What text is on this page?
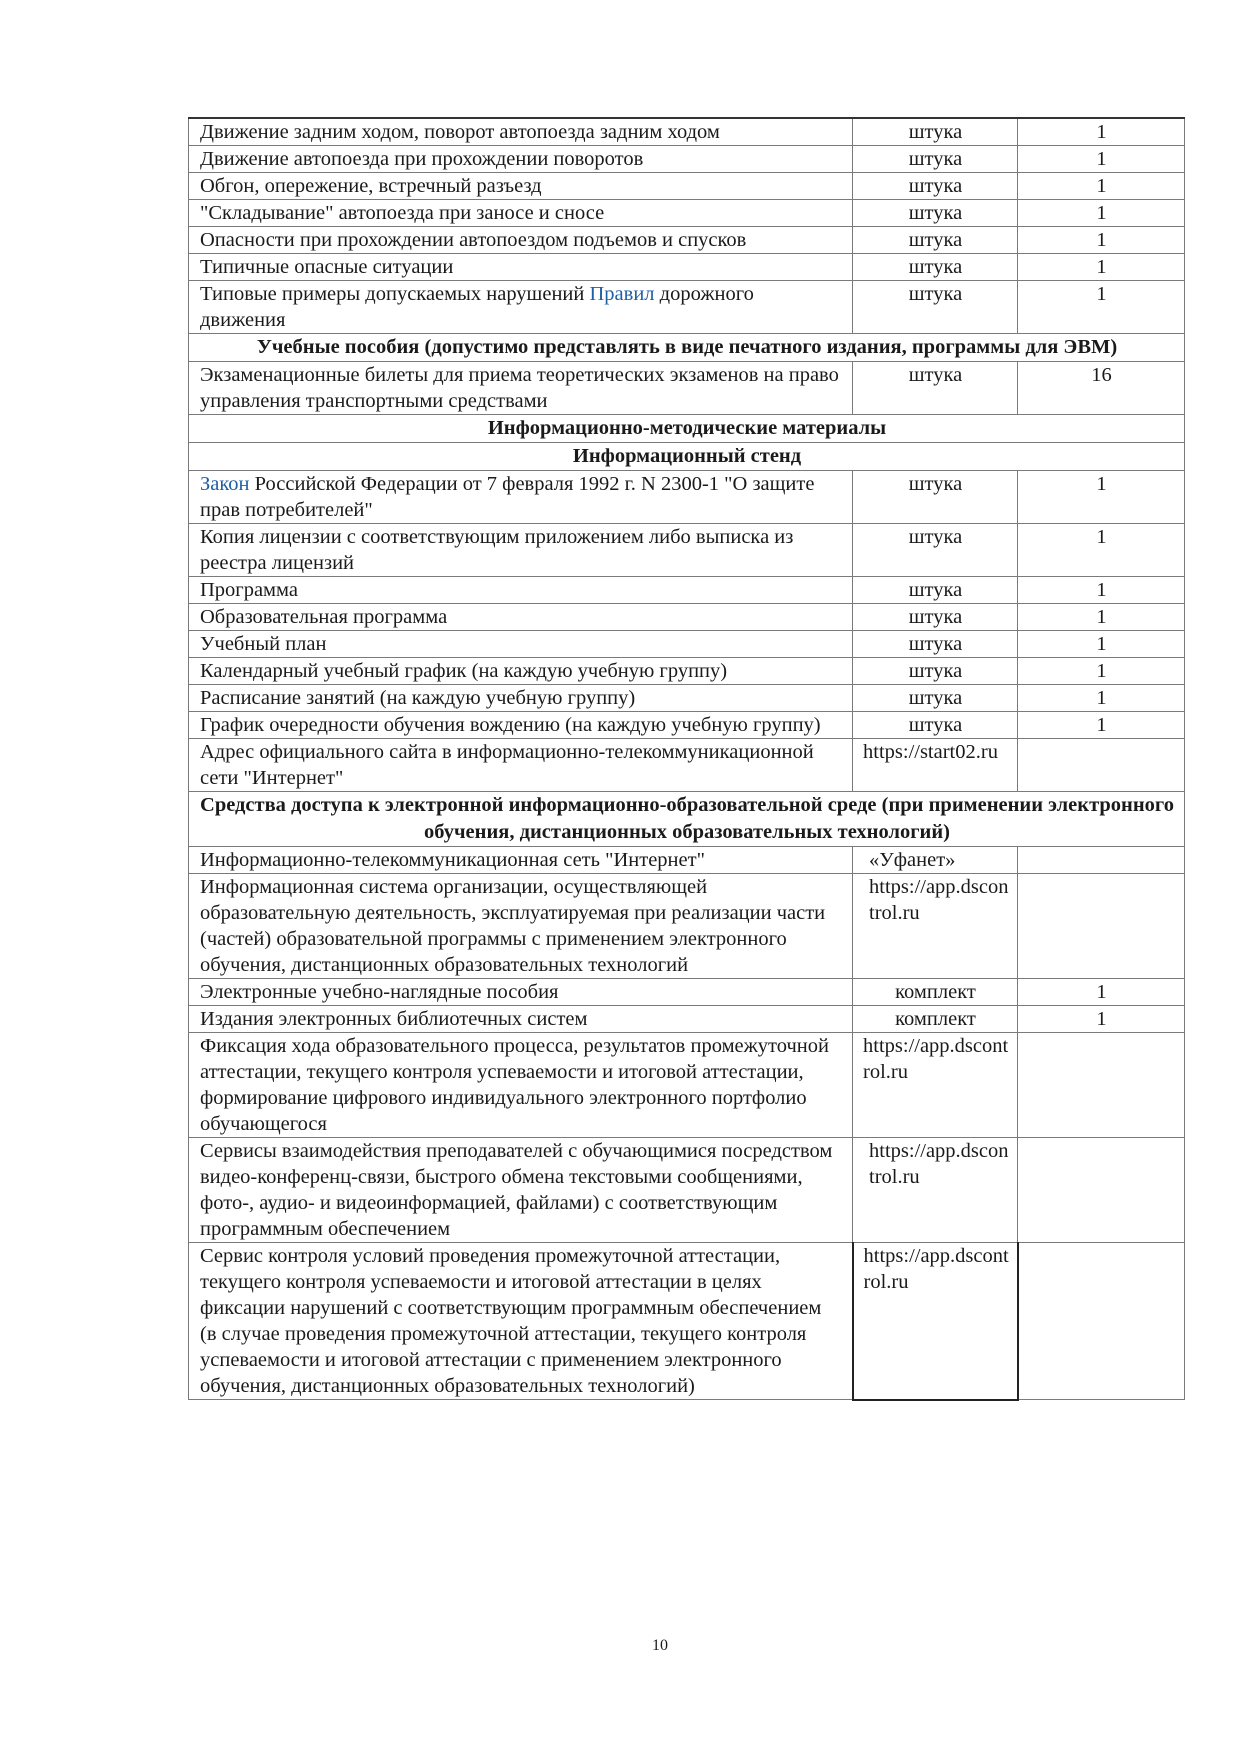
Движение задним ходом, поворот автопоезда задним ходом	штука	1
Движение автопоезда при прохождении поворотов	штука	1
Обгон, опережение, встречный разъезд	штука	1
"Складывание" автопоезда при заносе и сносе	штука	1
Опасности при прохождении автопоездом подъемов и спусков	штука	1
Типичные опасные ситуации	штука	1
Типовые примеры допускаемых нарушений Правил дорожного движения	штука	1
Учебные пособия (допустимо представлять в виде печатного издания, программы для ЭВМ)		
Экзаменационные билеты для приема теоретических экзаменов на право управления транспортными средствами	штука	16
Информационно-методические материалы		
Информационный стенд		
Закон Российской Федерации от 7 февраля 1992 г. N 2300-1 "О защите прав потребителей"	штука	1
Копия лицензии с соответствующим приложением либо выписка из реестра лицензий	штука	1
Программа	штука	1
Образовательная программа	штука	1
Учебный план	штука	1
Календарный учебный график (на каждую учебную группу)	штука	1
Расписание занятий (на каждую учебную группу)	штука	1
График очередности обучения вождению (на каждую учебную группу)	штука	1
Адрес официального сайта в информационно-телекоммуникационной сети "Интернет"	https://start02.ru	
Средства доступа к электронной информационно-образовательной среде (при применении электронного обучения, дистанционных образовательных технологий)		
Информационно-телекоммуникационная сеть "Интернет"	«Уфанет»	
Информационная система организации, осуществляющей образовательную деятельность, эксплуатируемая при реализации части (частей) образовательной программы с применением электронного обучения, дистанционных образовательных технологий	https://app.dscontrol.ru	
Электронные учебно-наглядные пособия	комплект	1
Издания электронных библиотечных систем	комплект	1
Фиксация хода образовательного процесса, результатов промежуточной аттестации, текущего контроля успеваемости и итоговой аттестации, формирование цифрового индивидуального электронного портфолио обучающегося	https://app.dscontrol.ru	
Сервисы взаимодействия преподавателей с обучающимися посредством видео-конференц-связи, быстрого обмена текстовыми сообщениями, фото-, аудио- и видеоинформацией, файлами) с соответствующим программным обеспечением	https://app.dscontrol.ru	
Сервис контроля условий проведения промежуточной аттестации, текущего контроля успеваемости и итоговой аттестации в целях фиксации нарушений с соответствующим программным обеспечением (в случае проведения промежуточной аттестации, текущего контроля успеваемости и итоговой аттестации с применением электронного обучения, дистанционных образовательных технологий)	https://app.dscontrol.ru	
10
